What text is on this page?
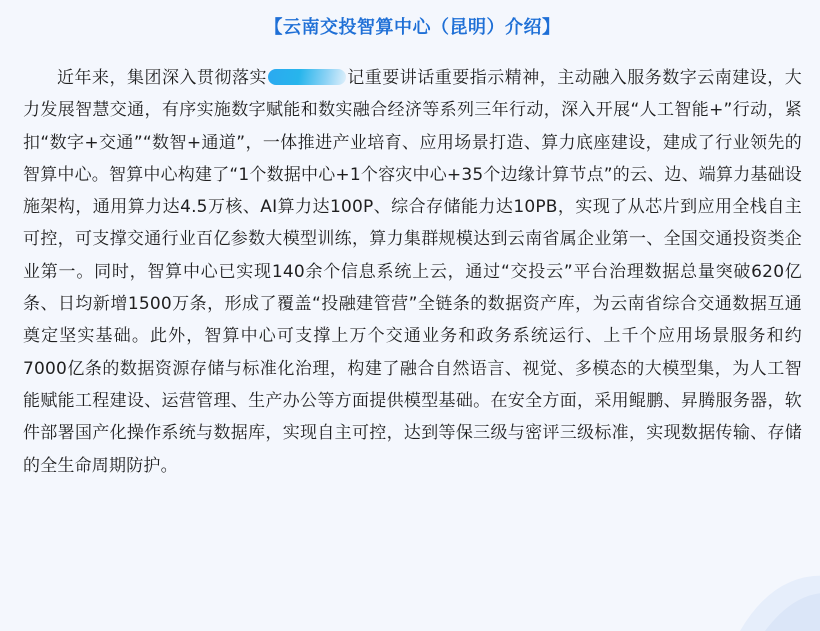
【云南交投智算中心（昆明）介绍】

近年来，集团深入贯彻落实	记重要讲话重要指示精神，主动融入服务数字云南建设，大力发展智慧交通，有序实施数字赋能和数实融合经济等系列三年行动，深入开展“人工智能+”行动，紧扣“数字+交通”“数智+通道”，一体推进产业培育、应用场景打造、算力底座建设，建成了行业领先的智算中心。智算中心构建了“1个数据中心+1个容灾中心+35个边缘计算节点”的云、边、端算力基础设施架构，通用算力达4.5万核、AI算力达100P、综合存储能力达10PB，实现了从芯片到应用全栈自主可控，可支撑交通行业百亿参数大模型训练，算力集群规模达到云南省属企业第一、全国交通投资类企业第一。同时，智算中心已实现140余个信息系统上云，通过“交投云”平台治理数据总量突破620亿条、日均新增1500万条，形成了覆盖“投融建管营”全链条的数据资产库，为云南省综合交通数据互通奠定坚实基础。此外，智算中心可支撑上万个交通业务和政务系统运行、上千个应用场景服务和约7000亿条的数据资源存储与标准化治理，构建了融合自然语言、视觉、多模态的大模型集，为人工智能赋能工程建设、运营管理、生产办公等方面提供模型基础。在安全方面，采用鲲鹏、昇腾服务器，软件部署国产化操作系统与数据库，实现自主可控，达到等保三级与密评三级标准，实现数据传输、存储的全生命周期防护。
